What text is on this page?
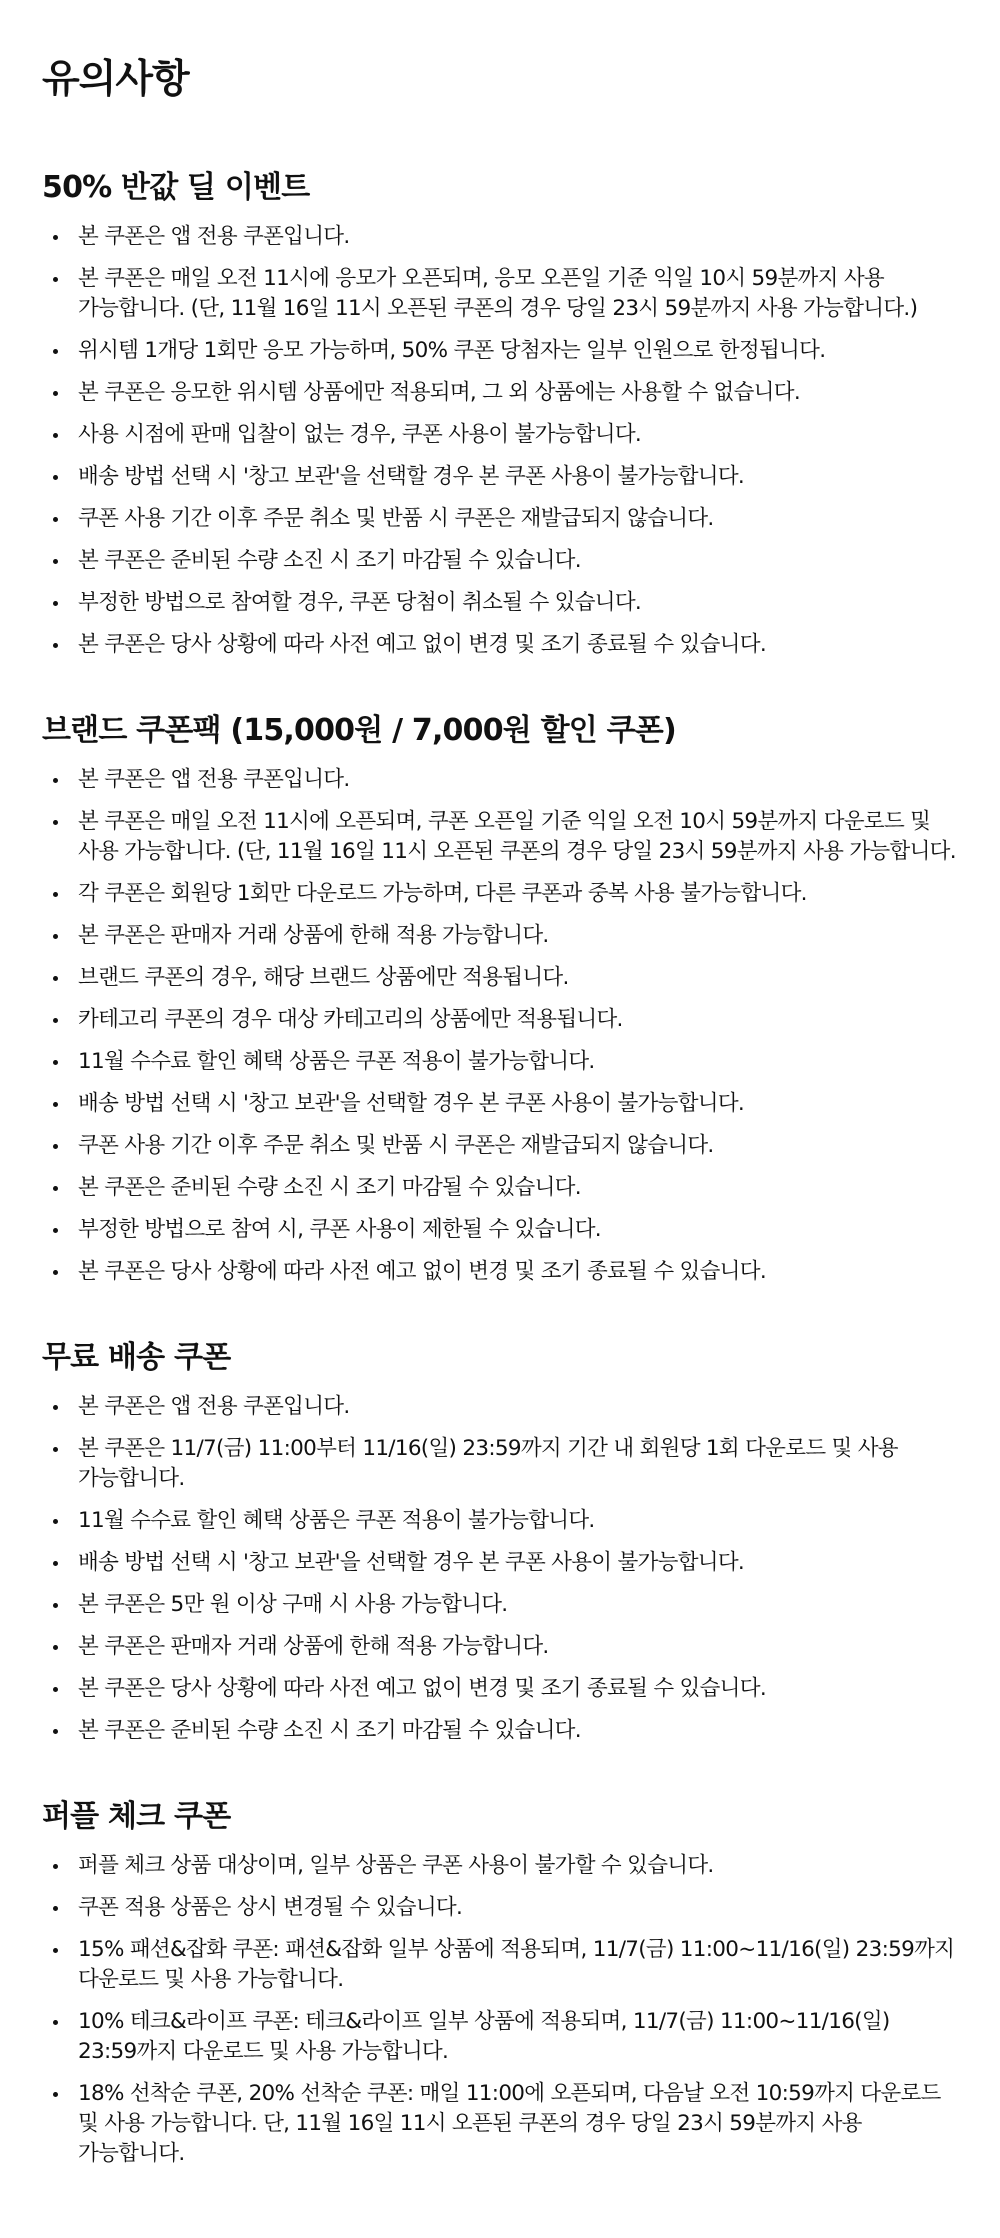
유의사항
50% 반값 딜 이벤트
본 쿠폰은 앱 전용 쿠폰입니다.
본 쿠폰은 매일 오전 11시에 응모가 오픈되며, 응모 오픈일 기준 익일 10시 59분까지 사용 가능합니다. (단, 11월 16일 11시 오픈된 쿠폰의 경우 당일 23시 59분까지 사용 가능합니다.)
위시템 1개당 1회만 응모 가능하며, 50% 쿠폰 당첨자는 일부 인원으로 한정됩니다.
본 쿠폰은 응모한 위시템 상품에만 적용되며, 그 외 상품에는 사용할 수 없습니다.
사용 시점에 판매 입찰이 없는 경우, 쿠폰 사용이 불가능합니다.
배송 방법 선택 시 '창고 보관'을 선택할 경우 본 쿠폰 사용이 불가능합니다.
쿠폰 사용 기간 이후 주문 취소 및 반품 시 쿠폰은 재발급되지 않습니다.
본 쿠폰은 준비된 수량 소진 시 조기 마감될 수 있습니다.
부정한 방법으로 참여할 경우, 쿠폰 당첨이 취소될 수 있습니다.
본 쿠폰은 당사 상황에 따라 사전 예고 없이 변경 및 조기 종료될 수 있습니다.
브랜드 쿠폰팩 (15,000원 / 7,000원 할인 쿠폰)
본 쿠폰은 앱 전용 쿠폰입니다.
본 쿠폰은 매일 오전 11시에 오픈되며, 쿠폰 오픈일 기준 익일 오전 10시 59분까지 다운로드 및 사용 가능합니다. (단, 11월 16일 11시 오픈된 쿠폰의 경우 당일 23시 59분까지 사용 가능합니다.
각 쿠폰은 회원당 1회만 다운로드 가능하며, 다른 쿠폰과 중복 사용 불가능합니다.
본 쿠폰은 판매자 거래 상품에 한해 적용 가능합니다.
브랜드 쿠폰의 경우, 해당 브랜드 상품에만 적용됩니다.
카테고리 쿠폰의 경우 대상 카테고리의 상품에만 적용됩니다.
11월 수수료 할인 혜택 상품은 쿠폰 적용이 불가능합니다.
배송 방법 선택 시 '창고 보관'을 선택할 경우 본 쿠폰 사용이 불가능합니다.
쿠폰 사용 기간 이후 주문 취소 및 반품 시 쿠폰은 재발급되지 않습니다.
본 쿠폰은 준비된 수량 소진 시 조기 마감될 수 있습니다.
부정한 방법으로 참여 시, 쿠폰 사용이 제한될 수 있습니다.
본 쿠폰은 당사 상황에 따라 사전 예고 없이 변경 및 조기 종료될 수 있습니다.
무료 배송 쿠폰
본 쿠폰은 앱 전용 쿠폰입니다.
본 쿠폰은 11/7(금) 11:00부터 11/16(일) 23:59까지 기간 내 회원당 1회 다운로드 및 사용 가능합니다.
11월 수수료 할인 혜택 상품은 쿠폰 적용이 불가능합니다.
배송 방법 선택 시 '창고 보관'을 선택할 경우 본 쿠폰 사용이 불가능합니다.
본 쿠폰은 5만 원 이상 구매 시 사용 가능합니다.
본 쿠폰은 판매자 거래 상품에 한해 적용 가능합니다.
본 쿠폰은 당사 상황에 따라 사전 예고 없이 변경 및 조기 종료될 수 있습니다.
본 쿠폰은 준비된 수량 소진 시 조기 마감될 수 있습니다.
퍼플 체크 쿠폰
퍼플 체크 상품 대상이며, 일부 상품은 쿠폰 사용이 불가할 수 있습니다.
쿠폰 적용 상품은 상시 변경될 수 있습니다.
15% 패션&잡화 쿠폰: 패션&잡화 일부 상품에 적용되며, 11/7(금) 11:00~11/16(일) 23:59까지 다운로드 및 사용 가능합니다.
10% 테크&라이프 쿠폰: 테크&라이프 일부 상품에 적용되며, 11/7(금) 11:00~11/16(일) 23:59까지 다운로드 및 사용 가능합니다.
18% 선착순 쿠폰, 20% 선착순 쿠폰: 매일 11:00에 오픈되며, 다음날 오전 10:59까지 다운로드 및 사용 가능합니다. 단, 11월 16일 11시 오픈된 쿠폰의 경우 당일 23시 59분까지 사용 가능합니다.
